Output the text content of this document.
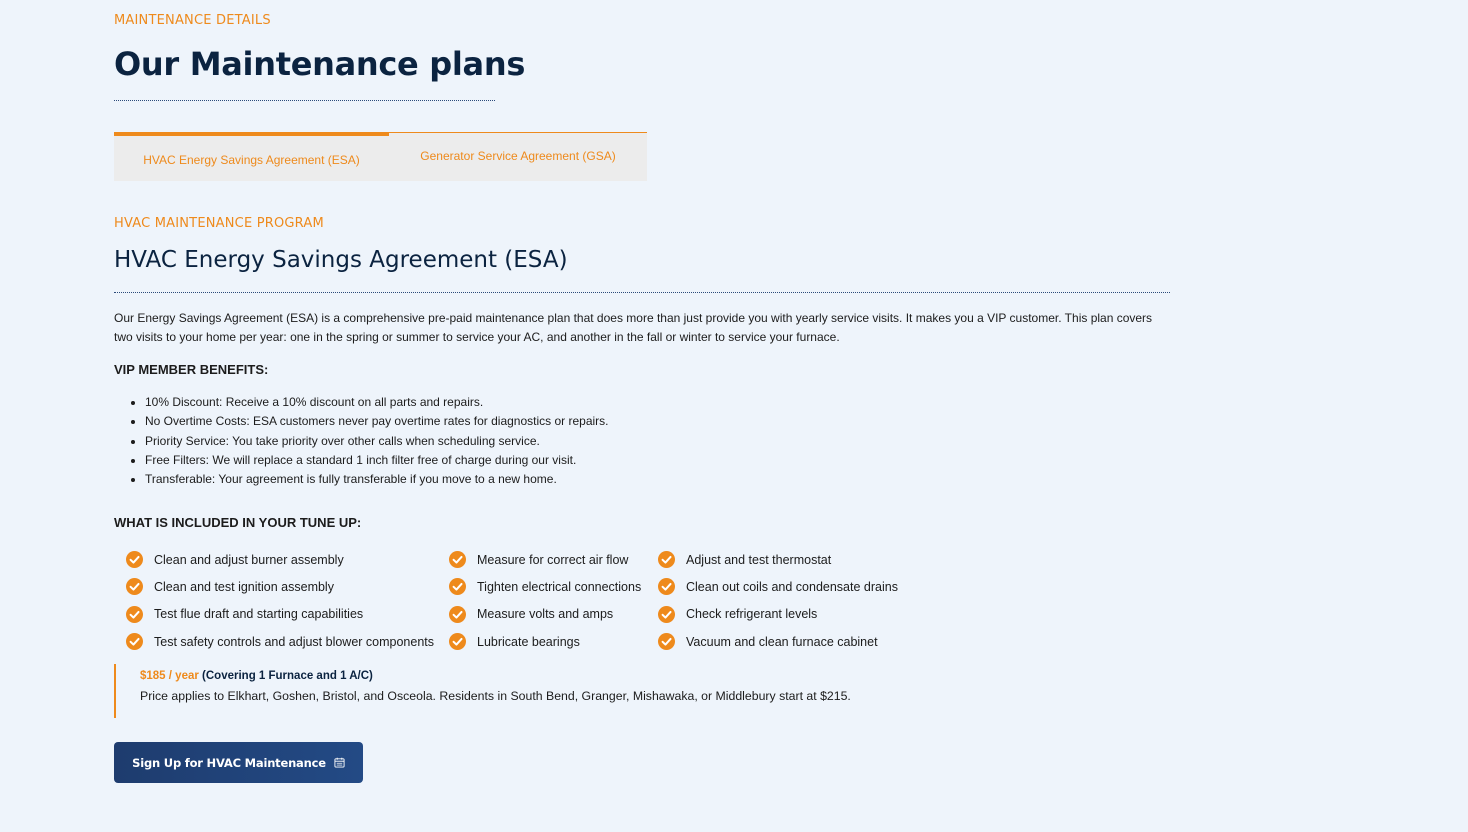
MAINTENANCE DETAILS
Our Maintenance plans
HVAC Energy Savings Agreement (ESA)	Generator Service Agreement (GSA)
HVAC MAINTENANCE PROGRAM
HVAC Energy Savings Agreement (ESA)

Our Energy Savings Agreement (ESA) is a comprehensive pre-paid maintenance plan that does more than just provide you with yearly service visits. It makes you a VIP customer. This plan covers two visits to your home per year: one in the spring or summer to service your AC, and another in the fall or winter to service your furnace.

VIP MEMBER BENEFITS:
• 10% Discount: Receive a 10% discount on all parts and repairs.
• No Overtime Costs: ESA customers never pay overtime rates for diagnostics or repairs.
• Priority Service: You take priority over other calls when scheduling service.
• Free Filters: We will replace a standard 1 inch filter free of charge during our visit.
• Transferable: Your agreement is fully transferable if you move to a new home.
WHAT IS INCLUDED IN YOUR TUNE UP:
Clean and adjust burner assembly
Clean and test ignition assembly
Test flue draft and starting capabilities
Test safety controls and adjust blower components
Measure for correct air flow
Tighten electrical connections
Measure volts and amps
Lubricate bearings
Adjust and test thermostat
Clean out coils and condensate drains
Check refrigerant levels
Vacuum and clean furnace cabinet
$185 / year (Covering 1 Furnace and 1 A/C)
Price applies to Elkhart, Goshen, Bristol, and Osceola. Residents in South Bend, Granger, Mishawaka, or Middlebury start at $215.
Sign Up for HVAC Maintenance
